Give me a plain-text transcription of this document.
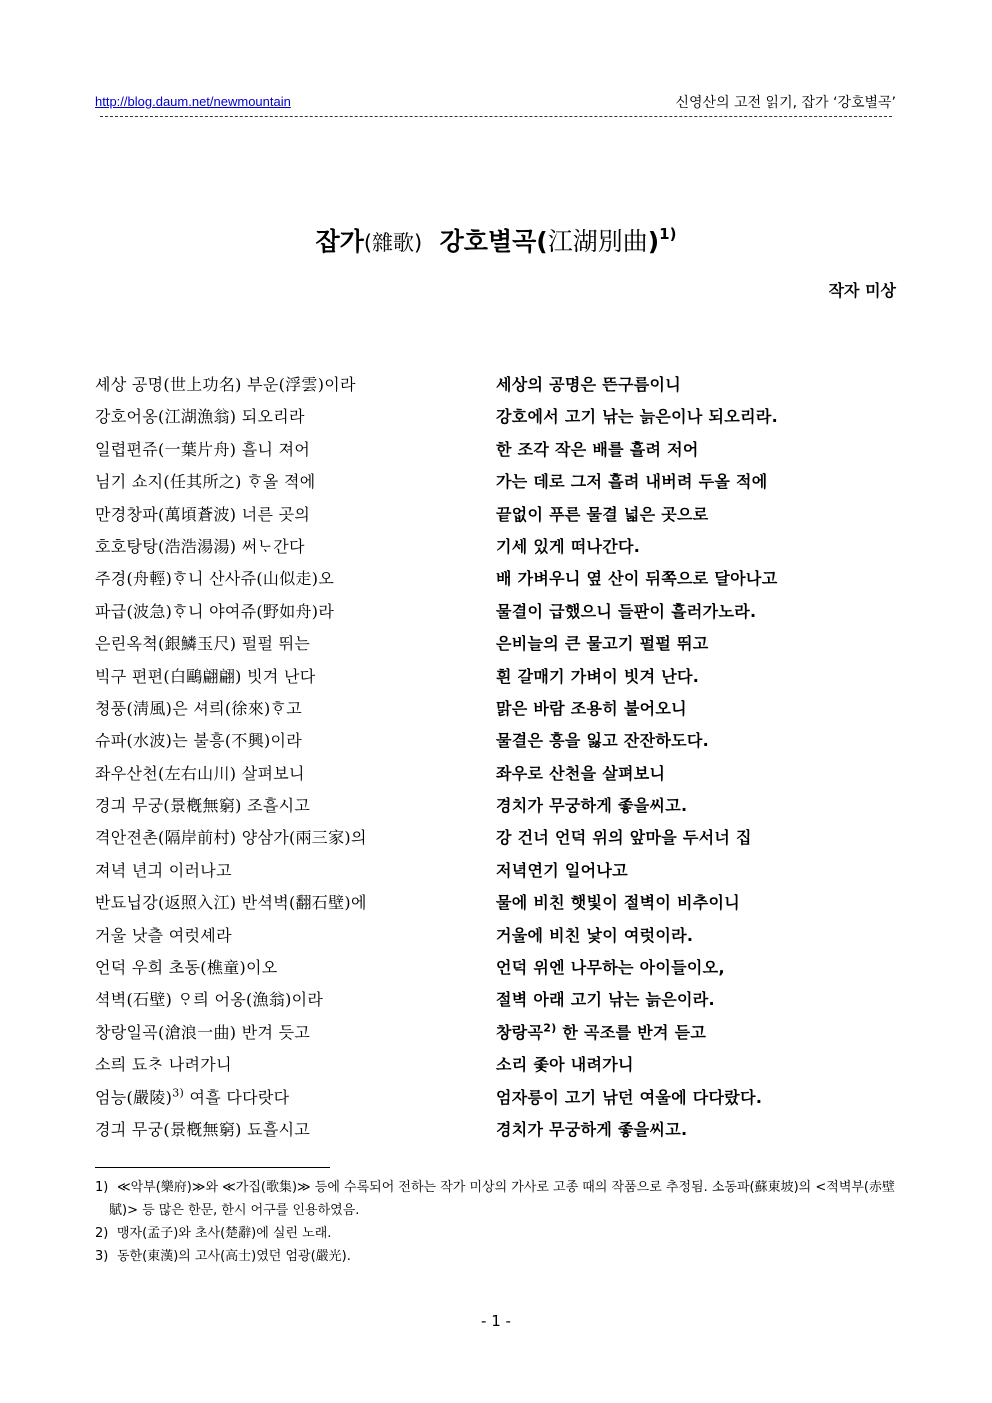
http://blog.daum.net/newmountain	신영산의 고전 읽기, 잡가 ‘강호별곡’
잡가(雜歌) 강호별곡(江湖別曲)$^{1)}$
작자 미상
셰상 공명(世上功名) 부운(浮雲)이라	세상의 공명은 뜬구름이니
강호어옹(江湖漁翁) 되오리라	강호에서 고기 낚는 늙은이나 되오리라.
일렵편쥬(一葉片舟) 흘니 져어	한 조각 작은 배를 흘려 저어
님기 쇼지(任其所之) ᄒᆞ올 젹에	가는 데로 그저 흘려 내버려 두올 적에
만경창파(萬頃蒼波) 너른 곳의	끝없이 푸른 물결 넓은 곳으로
호호탕탕(浩浩湯湯) 써ᄂᆞ간다	기세 있게 떠나간다.
주경(舟輕)ᄒᆞ니 산사쥬(山似走)오	배 가벼우니 옆 산이 뒤쪽으로 달아나고
파급(波急)ᄒᆞ니 야여쥬(野如舟)라	물결이 급했으니 들판이 흘러가노라.
은린옥쳑(銀鱗玉尺) 펄펄 뛰는	은비늘의 큰 물고기 펄펄 뛰고
빅구 편편(白鷗翩翩) 빗겨 난다	흰 갈매기 가벼이 빗겨 난다.
쳥풍(淸風)은 셔릐(徐來)ᄒᆞ고	맑은 바람 조용히 불어오니
슈파(水波)는 불흥(不興)이라	물결은 흥을 잃고 잔잔하도다.
좌우산천(左右山川) 살펴보니	좌우로 산천을 살펴보니
경긔 무궁(景槪無窮) 조흘시고	경치가 무궁하게 좋을씨고.
격안젼촌(隔岸前村) 양삼가(兩三家)의	강 건너 언덕 위의 앞마을 두서너 집
져녁 년긔 이러나고	저녁연기 일어나고
반됴닙강(返照入江) 반셕벽(翻石壁)에	물에 비친 햇빛이 절벽이 비추이니
거울 낫츨 여럿셰라	거울에 비친 낯이 여럿이라.
언덕 우희 초동(樵童)이오	언덕 위엔 나무하는 아이들이오,
셕벽(石壁) ᄋᆞ릐 어옹(漁翁)이라	절벽 아래 고기 낚는 늙은이라.
창랑일곡(滄浪一曲) 반겨 듯고	창랑곡$^{2)}$ 한 곡조를 반겨 듣고
소릐 됴ᄎᆞ 나려가니	소리 좇아 내려가니
엄능(嚴陵)$^{3)}$ 여흘 다다랏다	엄자릉이 고기 낚던 여울에 다다랐다.
경긔 무궁(景槪無窮) 됴흘시고	경치가 무궁하게 좋을씨고.
1) ≪악부(樂府)≫와 ≪가집(歌集)≫ 등에 수록되어 전하는 작가 미상의 가사로 고종 때의 작품으로 추정됨. 소동파(蘇東坡)의 <적벽부(赤壁賦)> 등 많은 한문, 한시 어구를 인용하였음.
2) 맹자(孟子)와 초사(楚辭)에 실린 노래.
3) 동한(東漢)의 고사(高士)였던 엄광(嚴光).
- 1 -
